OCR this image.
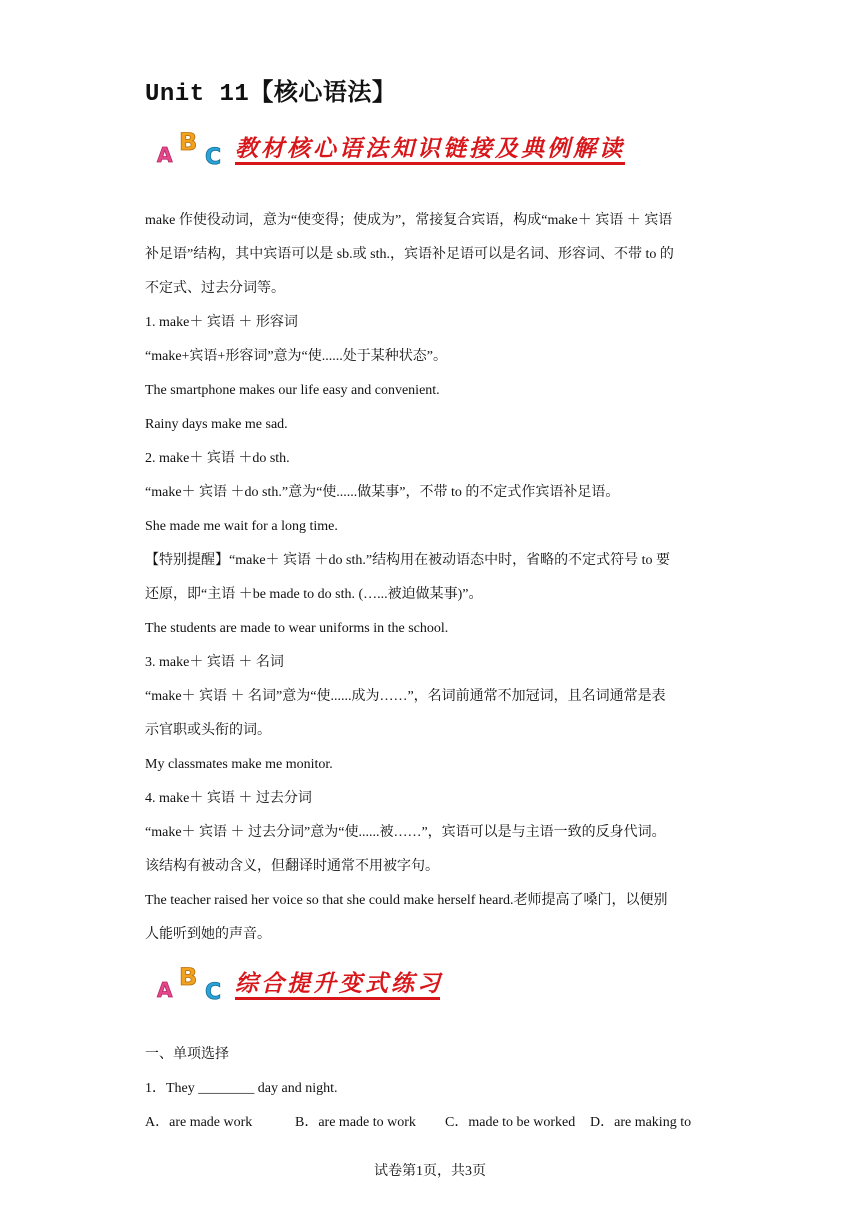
Unit 11【核心语法】
A B
C 教材核心语法知识链接及典例解读

make 作使役动词，意为“使变得；使成为”，常接复合宾语，构成“make＋ 宾语 ＋ 宾语

补足语”结构，其中宾语可以是 sb.或 sth.，宾语补足语可以是名词、形容词、不带 to 的

不定式、过去分词等。

1. make＋ 宾语 ＋ 形容词

“make+宾语+形容词”意为“使......处于某种状态”。

The smartphone makes our life easy and convenient.

Rainy days make me sad.

2. make＋ 宾语 ＋do sth.

“make＋ 宾语 ＋do sth.”意为“使......做某事”，不带 to 的不定式作宾语补足语。

She made me wait for a long time.

【特别提醒】“make＋ 宾语 ＋do sth.”结构用在被动语态中时，省略的不定式符号 to 要

还原，即“主语 ＋be made to do sth. (…...被迫做某事)”。

The students are made to wear uniforms in the school.

3. make＋ 宾语 ＋ 名词

“make＋ 宾语 ＋ 名词”意为“使......成为……”，名词前通常不加冠词，且名词通常是表

示官职或头衔的词。

My classmates make me monitor.

4. make＋ 宾语 ＋ 过去分词

“make＋ 宾语 ＋ 过去分词”意为“使......被……”，宾语可以是与主语一致的反身代词。

该结构有被动含义，但翻译时通常不用被字句。

The teacher raised her voice so that she could make herself heard.老师提高了嗓门，以便别

人能听到她的声音。

A B
C 综合提升变式练习

一、单项选择

1．They ________ day and night.

A．are made work	B．are made to work	C．made to be worked	D．are making to
试卷第1页，共3页
